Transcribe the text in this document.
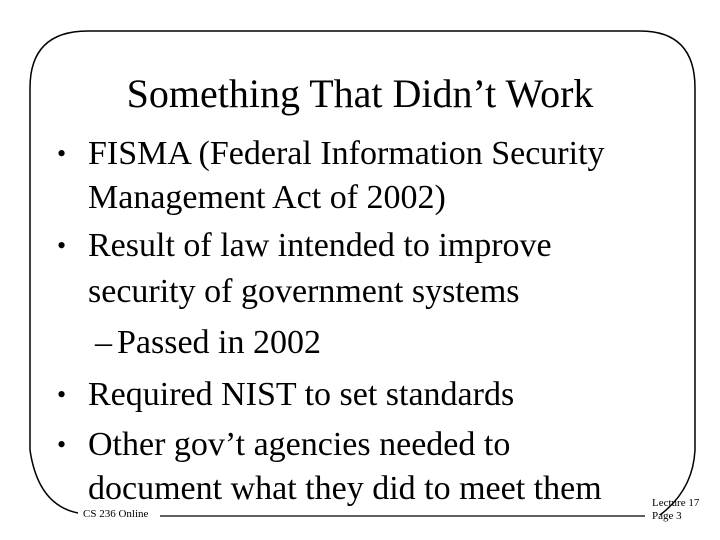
Something That Didn’t Work
• FISMA (Federal Information Security
Management Act of 2002)
• Result of law intended to improve
security of government systems
– Passed in 2002
• Required NIST to set standards
• Other gov’t agencies needed to
document what they did to meet them
CS 236 Online
Lecture 17
Page 3
